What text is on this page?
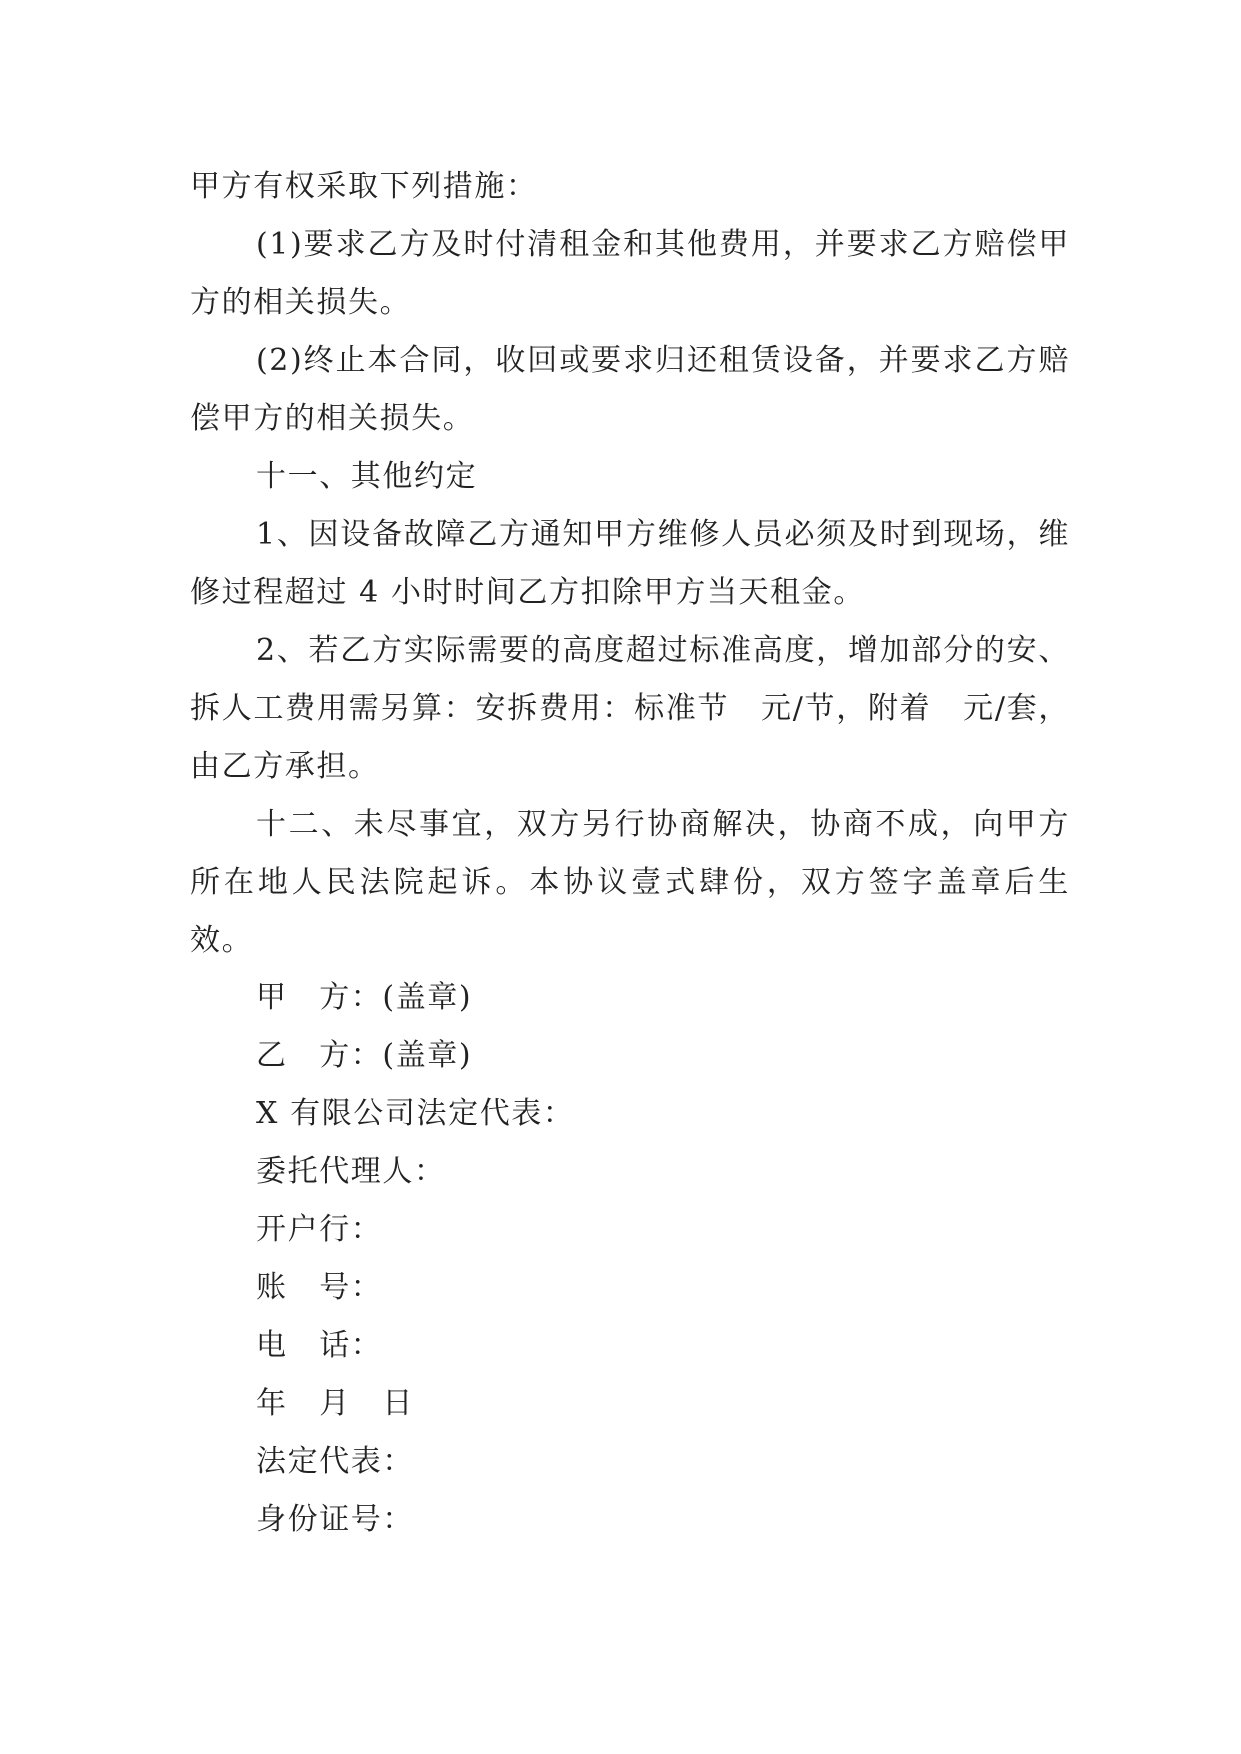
甲方有权采取下列措施：

(1)要求乙方及时付清租金和其他费用，并要求乙方赔偿甲方的相关损失。

(2)终止本合同，收回或要求归还租赁设备，并要求乙方赔偿甲方的相关损失。

十一、其他约定

1、因设备故障乙方通知甲方维修人员必须及时到现场，维修过程超过 4 小时时间乙方扣除甲方当天租金。

2、若乙方实际需要的高度超过标准高度，增加部分的安、拆人工费用需另算：安拆费用：标准节　元/节，附着　元/套，由乙方承担。

十二、未尽事宜，双方另行协商解决，协商不成，向甲方所在地人民法院起诉。本协议壹式肆份，双方签字盖章后生效。

甲　方：(盖章)

乙　方：(盖章)

X 有限公司法定代表：

委托代理人：

开户行：

账　号：

电　话：

年　月　日

法定代表：

身份证号：
